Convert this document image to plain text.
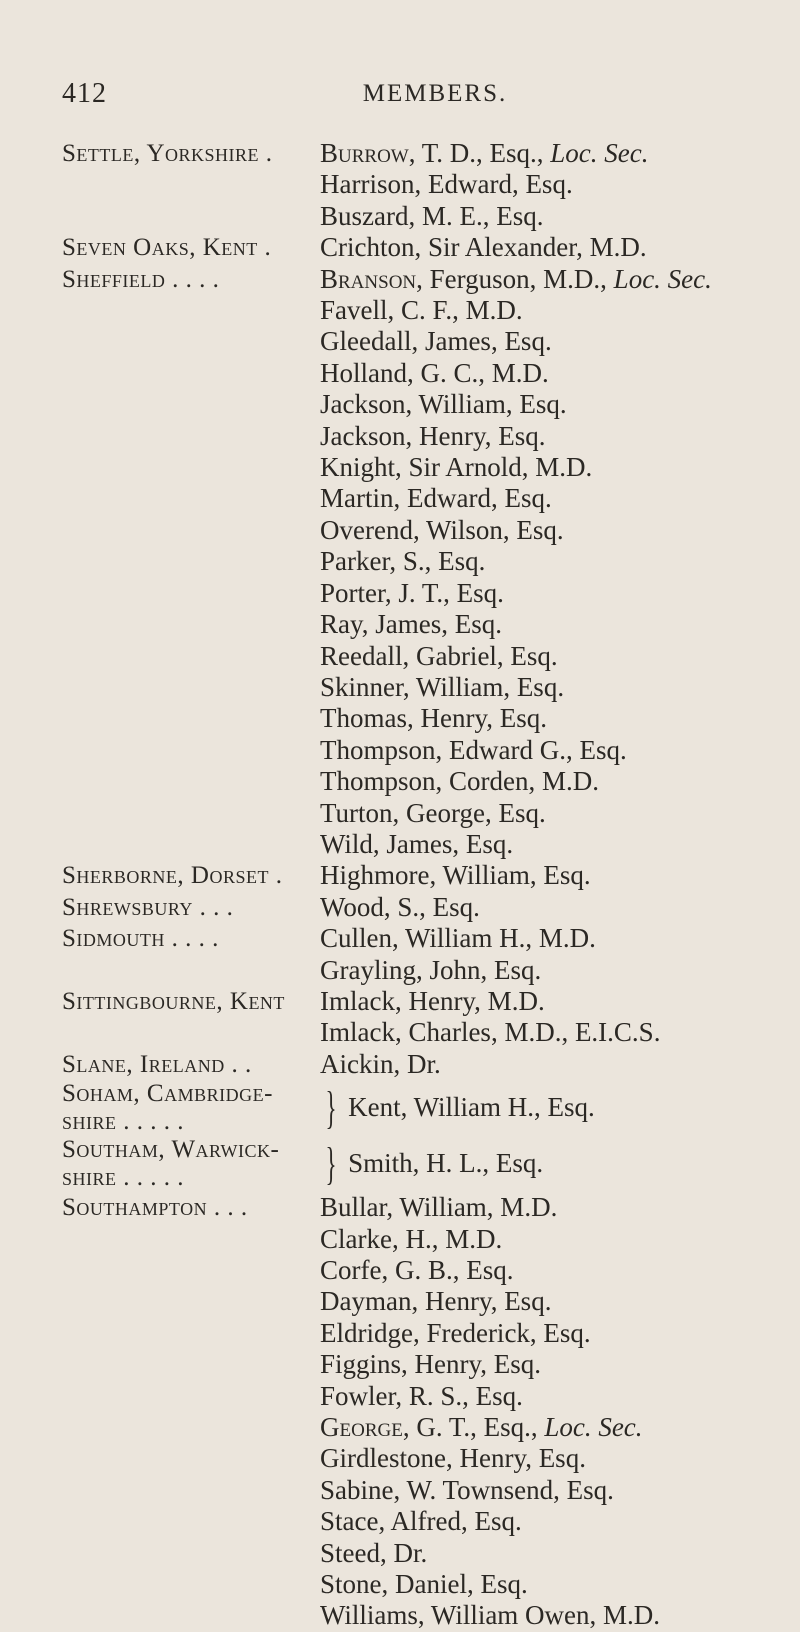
412	MEMBERS.
Settle, Yorkshire .	Burrow, T. D., Esq., Loc. Sec.
Harrison, Edward, Esq.
Buszard, M. E., Esq.
Seven Oaks, Kent .	Crichton, Sir Alexander, M.D.
Sheffield . . . .	Branson, Ferguson, M.D., Loc. Sec.
Favell, C. F., M.D.
Gleedall, James, Esq.
Holland, G. C., M.D.
Jackson, William, Esq.
Jackson, Henry, Esq.
Knight, Sir Arnold, M.D.
Martin, Edward, Esq.
Overend, Wilson, Esq.
Parker, S., Esq.
Porter, J. T., Esq.
Ray, James, Esq.
Reedall, Gabriel, Esq.
Skinner, William, Esq.
Thomas, Henry, Esq.
Thompson, Edward G., Esq.
Thompson, Corden, M.D.
Turton, George, Esq.
Wild, James, Esq.
Sherborne, Dorset .	Highmore, William, Esq.
Shrewsbury . . .	Wood, S., Esq.
Sidmouth . . . .	Cullen, William H., M.D.
Grayling, John, Esq.
Sittingbourne, Kent	Imlack, Henry, M.D.
Imlack, Charles, M.D., E.I.C.S.
Slane, Ireland . .	Aickin, Dr.
Soham, Cambridge-
shire . . . . .	} Kent, William H., Esq.
Southam, Warwick-
shire . . . . .	} Smith, H. L., Esq.
Southampton . . .	Bullar, William, M.D.
Clarke, H., M.D.
Corfe, G. B., Esq.
Dayman, Henry, Esq.
Eldridge, Frederick, Esq.
Figgins, Henry, Esq.
Fowler, R. S., Esq.
George, G. T., Esq., Loc. Sec.
Girdlestone, Henry, Esq.
Sabine, W. Townsend, Esq.
Stace, Alfred, Esq.
Steed, Dr.
Stone, Daniel, Esq.
Williams, William Owen, M.D.
